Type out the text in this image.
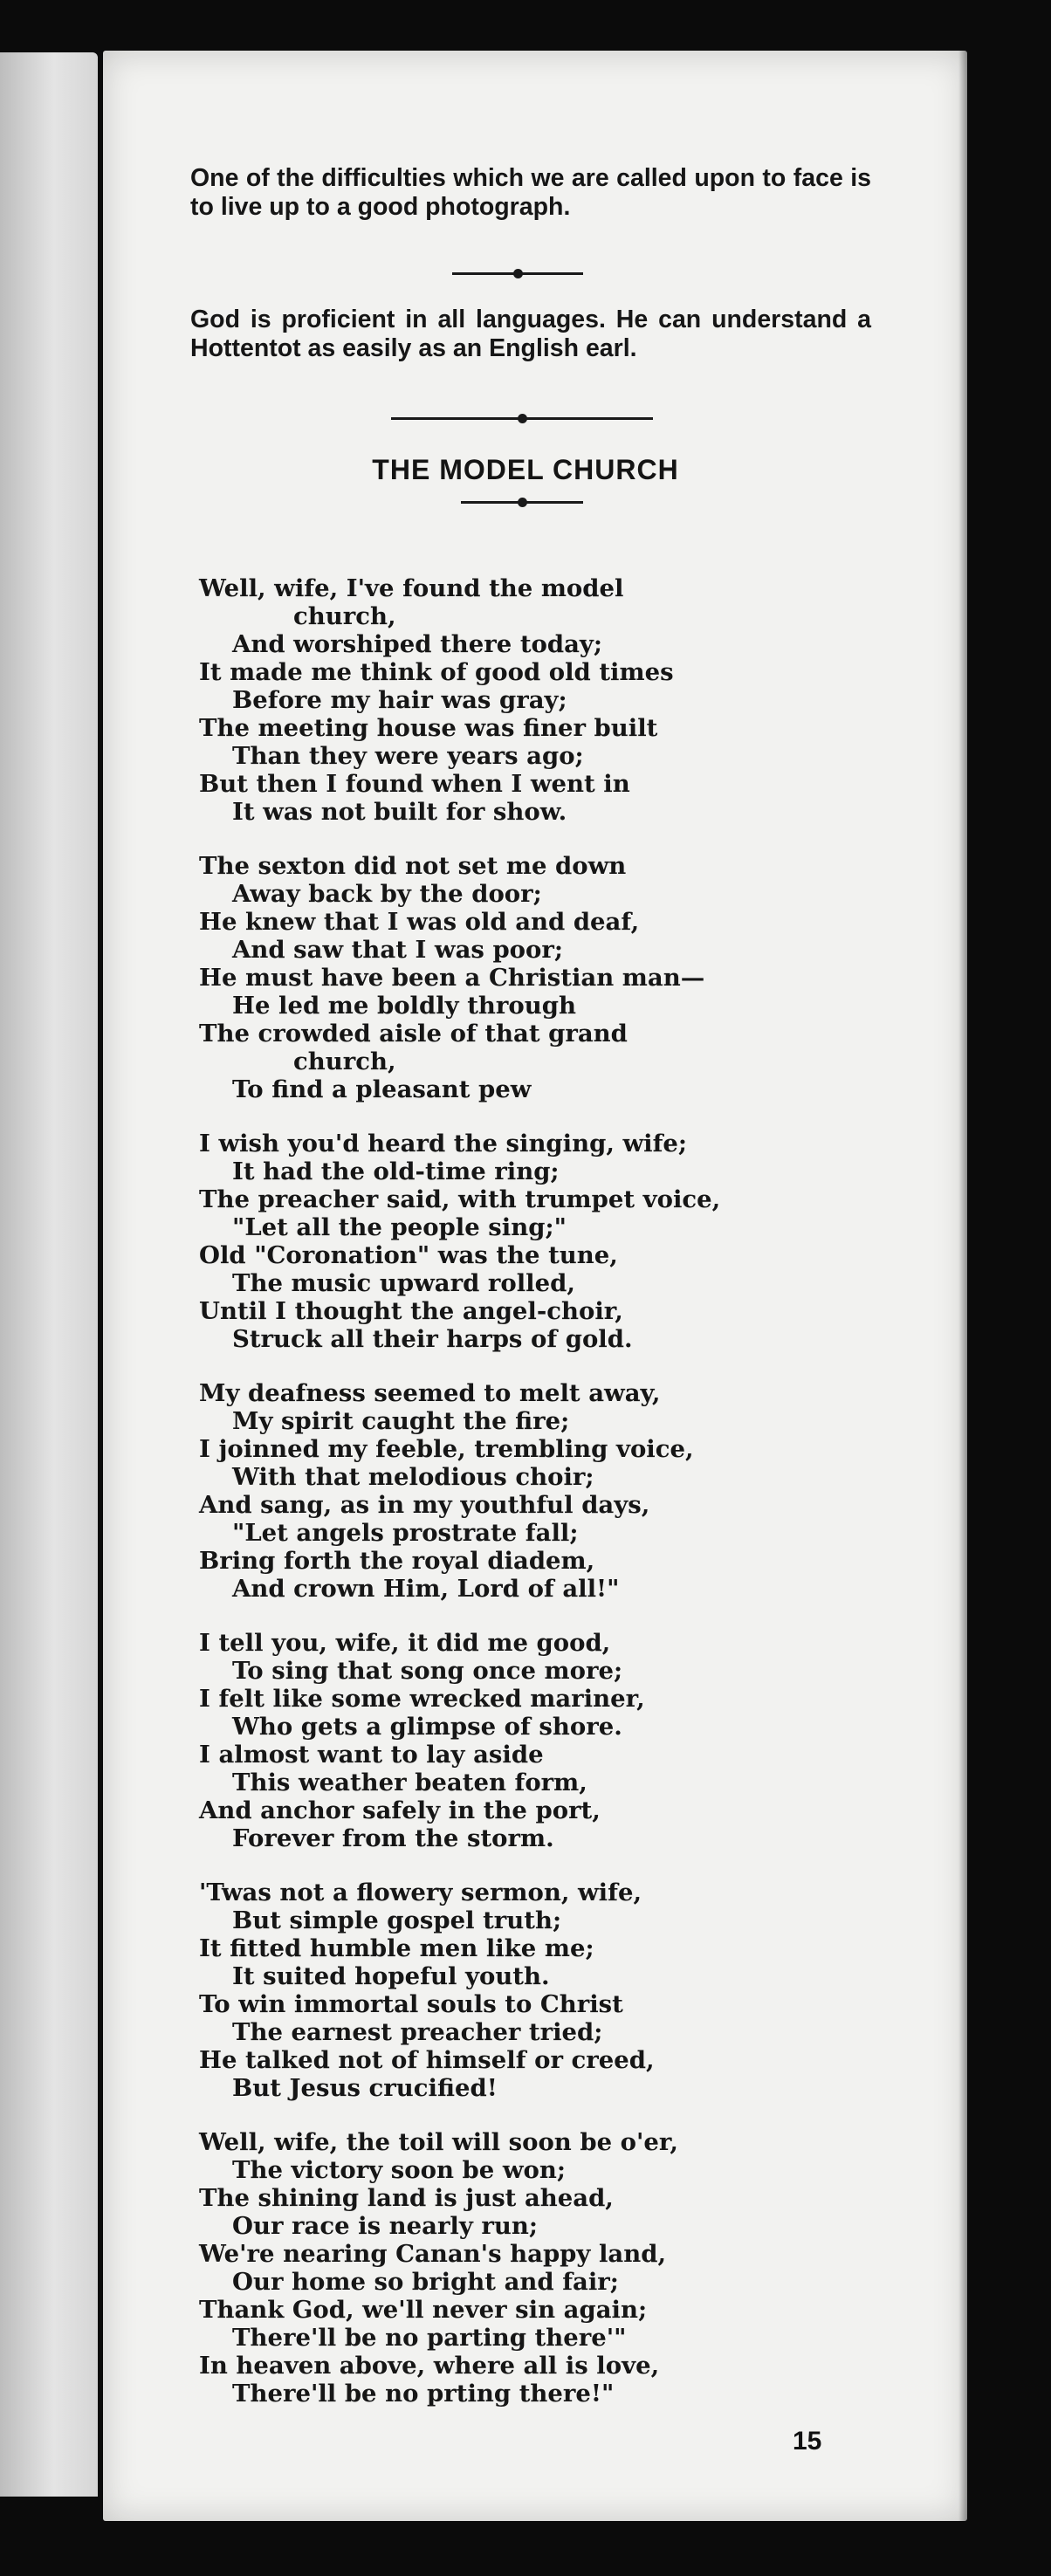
One of the difficulties which we are called upon to face is to live up to a good photograph.

God is proficient in all languages. He can understand a Hottentot as easily as an English earl.

THE MODEL CHURCH
Well, wife, I've found the model
church,
And worshiped there today;
It made me think of good old times
Before my hair was gray;
The meeting house was finer built
Than they were years ago;
But then I found when I went in
It was not built for show.
The sexton did not set me down
Away back by the door;
He knew that I was old and deaf,
And saw that I was poor;
He must have been a Christian man—
He led me boldly through
The crowded aisle of that grand
church,
To find a pleasant pew
I wish you'd heard the singing, wife;
It had the old-time ring;
The preacher said, with trumpet voice,
"Let all the people sing;"
Old "Coronation" was the tune,
The music upward rolled,
Until I thought the angel-choir,
Struck all their harps of gold.
My deafness seemed to melt away,
My spirit caught the fire;
I joinned my feeble, trembling voice,
With that melodious choir;
And sang, as in my youthful days,
"Let angels prostrate fall;
Bring forth the royal diadem,
And crown Him, Lord of all!"
I tell you, wife, it did me good,
To sing that song once more;
I felt like some wrecked mariner,
Who gets a glimpse of shore.
I almost want to lay aside
This weather beaten form,
And anchor safely in the port,
Forever from the storm.
'Twas not a flowery sermon, wife,
But simple gospel truth;
It fitted humble men like me;
It suited hopeful youth.
To win immortal souls to Christ
The earnest preacher tried;
He talked not of himself or creed,
But Jesus crucified!
Well, wife, the toil will soon be o'er,
The victory soon be won;
The shining land is just ahead,
Our race is nearly run;
We're nearing Canan's happy land,
Our home so bright and fair;
Thank God, we'll never sin again;
There'll be no parting there'"
In heaven above, where all is love,
There'll be no prting there!"
15
